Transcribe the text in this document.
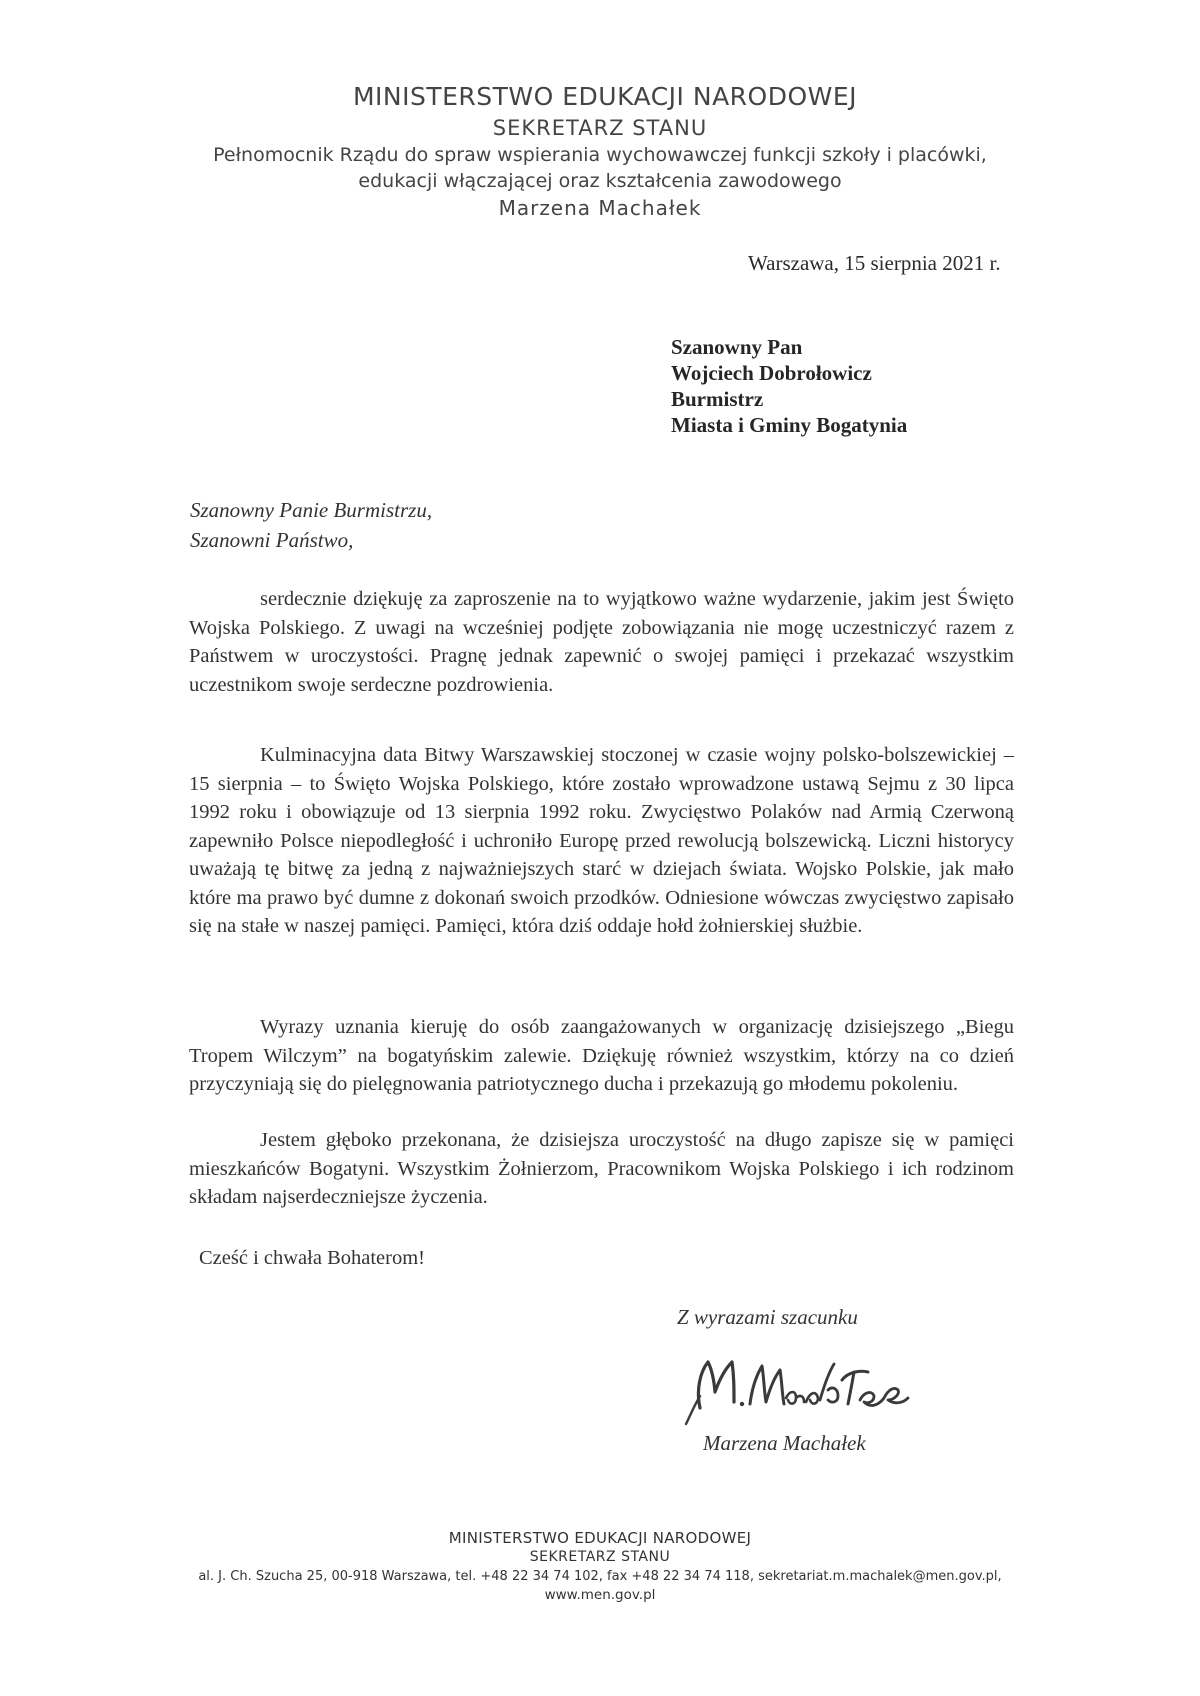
MINISTERSTWO EDUKACJI NARODOWEJ
SEKRETARZ STANU
Pełnomocnik Rządu do spraw wspierania wychowawczej funkcji szkoły i placówki,
edukacji włączającej oraz kształcenia zawodowego
Marzena Machałek
Warszawa, 15 sierpnia 2021 r.
Szanowny Pan
Wojciech Dobrołowicz
Burmistrz
Miasta i Gminy Bogatynia
Szanowny Panie Burmistrzu,
Szanowni Państwo,

serdecznie dziękuję za zaproszenie na to wyjątkowo ważne wydarzenie, jakim jest Święto Wojska Polskiego. Z uwagi na wcześniej podjęte zobowiązania nie mogę uczestniczyć razem z Państwem w uroczystości. Pragnę jednak zapewnić o swojej pamięci i przekazać wszystkim uczestnikom swoje serdeczne pozdrowienia.

Kulminacyjna data Bitwy Warszawskiej stoczonej w czasie wojny polsko-bolszewickiej – 15 sierpnia – to Święto Wojska Polskiego, które zostało wprowadzone ustawą Sejmu z 30 lipca 1992 roku i obowiązuje od 13 sierpnia 1992 roku. Zwycięstwo Polaków nad Armią Czerwoną zapewniło Polsce niepodległość i uchroniło Europę przed rewolucją bolszewicką. Liczni historycy uważają tę bitwę za jedną z najważniejszych starć w dziejach świata. Wojsko Polskie, jak mało które ma prawo być dumne z dokonań swoich przodków. Odniesione wówczas zwycięstwo zapisało się na stałe w naszej pamięci. Pamięci, która dziś oddaje hołd żołnierskiej służbie.

Wyrazy uznania kieruję do osób zaangażowanych w organizację dzisiejszego „Biegu Tropem Wilczym” na bogatyńskim zalewie. Dziękuję również wszystkim, którzy na co dzień przyczyniają się do pielęgnowania patriotycznego ducha i przekazują go młodemu pokoleniu.

Jestem głęboko przekonana, że dzisiejsza uroczystość na długo zapisze się w pamięci mieszkańców Bogatyni. Wszystkim Żołnierzom, Pracownikom Wojska Polskiego i ich rodzinom składam najserdeczniejsze życzenia.

Cześć i chwała Bohaterom!
Z wyrazami szacunku
Marzena Machałek
MINISTERSTWO EDUKACJI NARODOWEJ
SEKRETARZ STANU
al. J. Ch. Szucha 25, 00-918 Warszawa, tel. +48 22 34 74 102, fax +48 22 34 74 118, sekretariat.m.machalek@men.gov.pl,
www.men.gov.pl
